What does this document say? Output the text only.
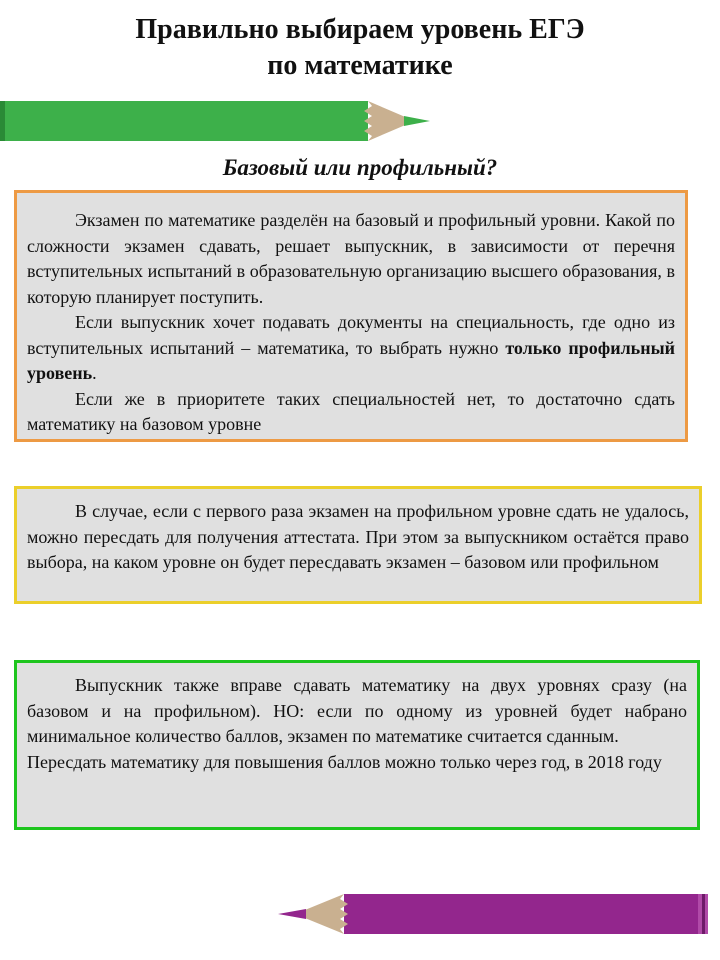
Правильно выбираем уровень ЕГЭ
по математике
Базовый или профильный?

Экзамен по математике разделён на базовый и профильный уровни. Какой по сложности экзамен сдавать, решает выпускник, в зависимости от перечня вступительных испытаний в образовательную организацию высшего образования, в которую планирует поступить.

Если выпускник хочет подавать документы на специальность, где одно из вступительных испытаний – математика, то выбрать нужно только профильный уровень.

Если же в приоритете таких специальностей нет, то достаточно сдать математику на базовом уровне

В случае, если с первого раза экзамен на профильном уровне сдать не удалось, можно пересдать для получения аттестата. При этом за выпускником остаётся право выбора, на каком уровне он будет пересдавать экзамен – базовом или профильном

Выпускник также вправе сдавать математику на двух уровнях сразу (на базовом и на профильном). НО: если по одному из уровней будет набрано минимальное количество баллов, экзамен по математике считается сданным.

Пересдать математику для повышения баллов можно только через год, в 2018 году
